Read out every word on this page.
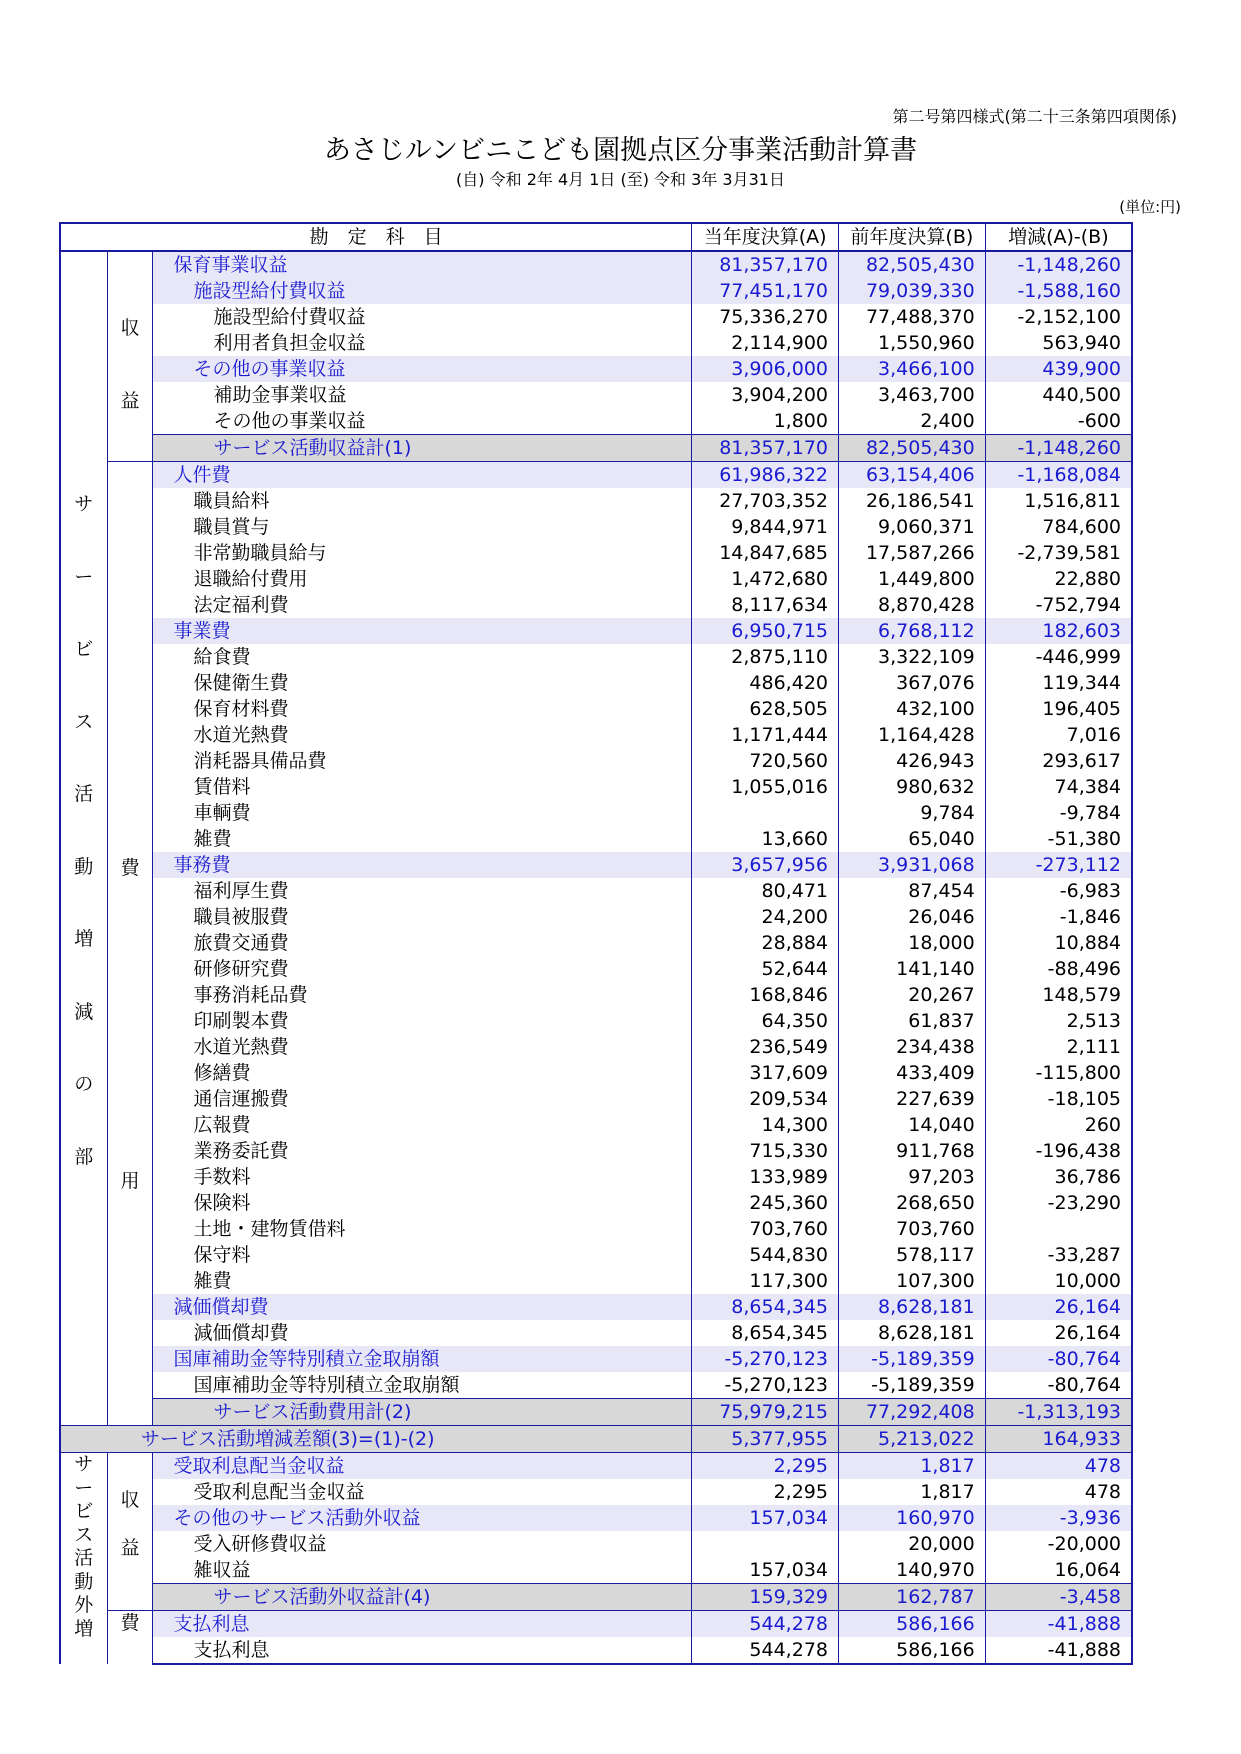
第二号第四様式(第二十三条第四項関係)
あさじルンビニこども園拠点区分事業活動計算書
(自) 令和 2年 4月 1日 (至) 令和 3年 3月31日
(単位:円)
勘　定　科　目			当年度決算(A)	前年度決算(B)	増減(A)-(B)

サービス活動増減の部	収益	保育事業収益	81,357,170	82,505,430	-1,148,260
		施設型給付費収益	77,451,170	79,039,330	-1,588,160
		施設型給付費収益	75,336,270	77,488,370	-2,152,100
		利用者負担金収益	2,114,900	1,550,960	563,940
		その他の事業収益	3,906,000	3,466,100	439,900
		補助金事業収益	3,904,200	3,463,700	440,500
		その他の事業収益	1,800	2,400	-600
		サービス活動収益計(1)	81,357,170	82,505,430	-1,148,260

	費用	人件費	61,986,322	63,154,406	-1,168,084
		職員給料	27,703,352	26,186,541	1,516,811
		職員賞与	9,844,971	9,060,371	784,600
		非常勤職員給与	14,847,685	17,587,266	-2,739,581
		退職給付費用	1,472,680	1,449,800	22,880
		法定福利費	8,117,634	8,870,428	-752,794
		事業費	6,950,715	6,768,112	182,603
		給食費	2,875,110	3,322,109	-446,999
		保健衛生費	486,420	367,076	119,344
		保育材料費	628,505	432,100	196,405
		水道光熱費	1,171,444	1,164,428	7,016
		消耗器具備品費	720,560	426,943	293,617
		賃借料	1,055,016	980,632	74,384
		車輌費		9,784	-9,784
		雑費	13,660	65,040	-51,380
		事務費	3,657,956	3,931,068	-273,112
		福利厚生費	80,471	87,454	-6,983
		職員被服費	24,200	26,046	-1,846
		旅費交通費	28,884	18,000	10,884
		研修研究費	52,644	141,140	-88,496
		事務消耗品費	168,846	20,267	148,579
		印刷製本費	64,350	61,837	2,513
		水道光熱費	236,549	234,438	2,111
		修繕費	317,609	433,409	-115,800
		通信運搬費	209,534	227,639	-18,105
		広報費	14,300	14,040	260
		業務委託費	715,330	911,768	-196,438
		手数料	133,989	97,203	36,786
		保険料	245,360	268,650	-23,290
		土地・建物賃借料	703,760	703,760	
		保守料	544,830	578,117	-33,287
		雑費	117,300	107,300	10,000
		減価償却費	8,654,345	8,628,181	26,164
		減価償却費	8,654,345	8,628,181	26,164
		国庫補助金等特別積立金取崩額	-5,270,123	-5,189,359	-80,764
		国庫補助金等特別積立金取崩額	-5,270,123	-5,189,359	-80,764
		サービス活動費用計(2)	75,979,215	77,292,408	-1,313,193
サービス活動増減差額(3)=(1)-(2)			5,377,955	5,213,022	164,933

サービス活動外増	収益	受取利息配当金収益	2,295	1,817	478
		受取利息配当金収益	2,295	1,817	478
		その他のサービス活動外収益	157,034	160,970	-3,936
		受入研修費収益		20,000	-20,000
		雑収益	157,034	140,970	16,064
		サービス活動外収益計(4)	159,329	162,787	-3,458

	費	支払利息	544,278	586,166	-41,888
		支払利息	544,278	586,166	-41,888
